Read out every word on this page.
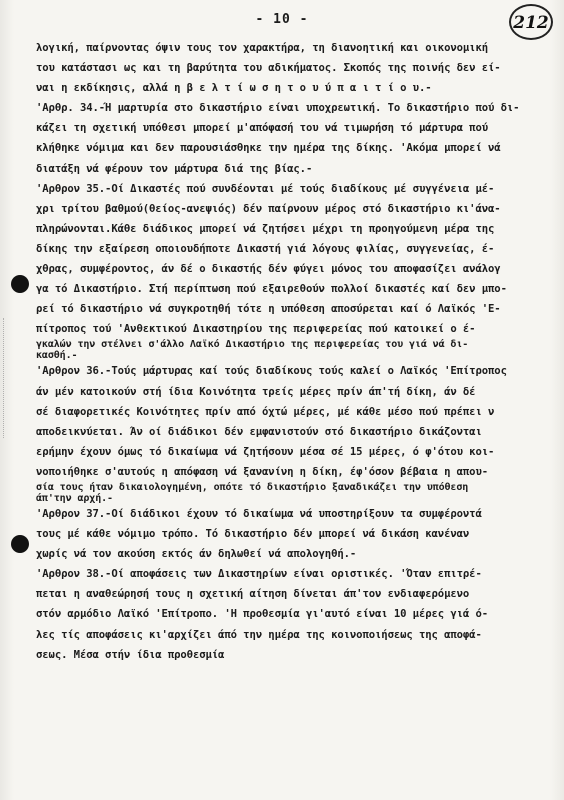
- 10 -	212
λογική, παίρνοντας όψιν τους τον χαρακτήρα, τη διανοητική και οικονομική
του κατάστασι ως και τη βαρύτητα του αδικήματος. Σκοπός της ποινής δεν εί-
ναι η εκδίκησις, αλλά η β ε λ τ ί ω σ η τ ο υ ύ π α ι τ ί ο υ.-
'Αρθρ. 34.-Ή μαρτυρία στο δικαστήριο είναι υποχρεωτική. Το δικαστήριο πού δι-
κάζει τη σχετική υπόθεσι μπορεί μ'απόφασή του νά τιμωρήση τό μάρτυρα πού
κλήθηκε νόμιμα και δεν παρουσιάσθηκε την ημέρα της δίκης. 'Ακόμα μπορεί νά
διατάξη νά φέρουν τον μάρτυρα διά της βίας.-
'Αρθρον 35.-Οί Δικαστές πού συνδέονται μέ τούς διαδίκους μέ συγγένεια μέ-
χρι τρίτου βαθμού(θείος-ανεψιός) δέν παίρνουν μέρος στό δικαστήριο κι'άνα-
πληρώνονται.Κάθε διάδικος μπορεί νά ζητήσει μέχρι τη προηγούμενη μέρα της
δίκης την εξαίρεση οποιουδήποτε Δικαστή γιά λόγους φιλίας, συγγενείας, έ-
χθρας, συμφέροντος, άν δέ ο δικαστής δέν φύγει μόνος του αποφασίζει ανάλογ
γα τό Δικαστήριο. Στή περίπτωση πού εξαιρεθούν πολλοί δικαστές καί δεν μπο-
ρεί τό δικαστήριο νά συγκροτηθή τότε η υπόθεση αποσύρεται καί ό Λαϊκός 'Ε-
πίτροπος τού 'Ανθεκτικού Δικαστηρίου της περιφερείας πού κατοικεί ο έ-
γκαλών την στέλνει σ'άλλο Λαϊκό Δικαστήριο της περιφερείας του γιά νά δι-
κασθή.-
'Αρθρον 36.-Τούς μάρτυρας καί τούς διαδίκους τούς καλεί ο Λαϊκός 'Επίτροπος
άν μέν κατοικούν στή ίδια Κοινότητα τρείς μέρες πρίν άπ'τή δίκη, άν δέ
σέ διαφορετικές Κοινότητες πρίν από όχτώ μέρες, μέ κάθε μέσο πού πρέπει ν
αποδεικνύεται. Άν οί διάδικοι δέν εμφανιστούν στό δικαστήριο δικάζονται
ερήμην έχουν όμως τό δικαίωμα νά ζητήσουν μέσα σέ 15 μέρες, ό φ'ότου κοι-
νοποιήθηκε σ'αυτούς η απόφαση νά ξανανίνη η δίκη, έφ'όσον βέβαια η απου-
σία τους ήταν δικαιολογημένη, οπότε τό δικαστήριο ξαναδικάζει την υπόθεση
άπ'την αρχή.-
'Αρθρον 37.-Οί διάδικοι έχουν τό δικαίωμα νά υποστηρίξουν τα συμφέροντά
τους μέ κάθε νόμιμο τρόπο. Τό δικαστήριο δέν μπορεί νά δικάση κανέναν
χωρίς νά τον ακούση εκτός άν δηλωθεί νά απολογηθή.-
'Αρθρον 38.-Οί αποφάσεις των Δικαστηρίων είναι οριστικές. 'Όταν επιτρέ-
πεται η αναθεώρησή τους η σχετική αίτηση δίνεται άπ'τον ενδιαφερόμενο
στόν αρμόδιο Λαϊκό 'Επίτροπο. 'Η προθεσμία γι'αυτό είναι 10 μέρες γιά ό-
λες τίς αποφάσεις κι'αρχίζει άπό την ημέρα της κοινοποιήσεως της αποφά-
σεως. Μέσα στήν ίδια προθεσμία
